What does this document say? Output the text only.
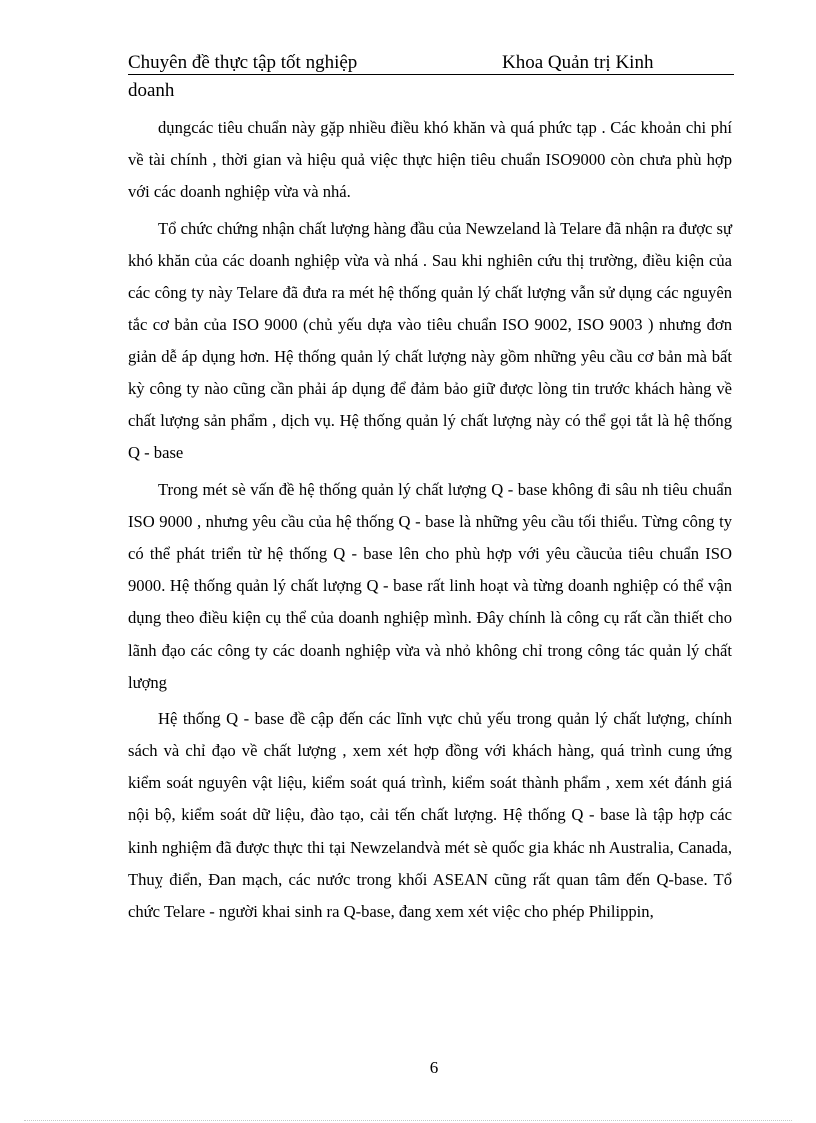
Chuyên đề thực tập tốt nghiệp	Khoa Quản trị Kinh
doanh

dụngcác tiêu chuẩn này gặp nhiều điều khó khăn và quá phức tạp . Các khoản chi phí về tài chính , thời gian và hiệu quả việc thực hiện tiêu chuẩn ISO9000 còn chưa phù hợp với các doanh nghiệp vừa và nhá.

Tổ chức chứng nhận chất lượng hàng đầu của Newzeland là Telare đã nhận ra được sự khó khăn của các doanh nghiệp vừa và nhá . Sau khi nghiên cứu thị trường, điều kiện của các công ty này Telare đã đưa ra mét hệ thống quản lý chất lượng vẫn sử dụng các nguyên tắc cơ bản của ISO 9000 (chủ yếu dựa vào tiêu chuẩn ISO 9002, ISO 9003 ) nhưng đơn giản dễ áp dụng hơn. Hệ thống quản lý chất lượng này gồm những yêu cầu cơ bản mà bất kỳ công ty nào cũng cần phải áp dụng để đảm bảo giữ được lòng tin trước khách hàng về chất lượng sản phẩm , dịch vụ. Hệ thống quản lý chất lượng này có thể gọi tắt là hệ thống Q - base

Trong mét sè vấn đề hệ thống quản lý chất lượng Q - base không đi sâu nh tiêu chuẩn ISO 9000 , nhưng yêu cầu của hệ thống Q - base là những yêu cầu tối thiểu. Từng công ty có thể phát triển từ hệ thống Q - base lên cho phù hợp với yêu cầucủa tiêu chuẩn ISO 9000. Hệ thống quản lý chất lượng Q - base rất linh hoạt và từng doanh nghiệp có thể vận dụng theo điều kiện cụ thể của doanh nghiệp mình. Đây chính là công cụ rất cần thiết cho lãnh đạo các công ty các doanh nghiệp vừa và nhỏ không chỉ trong công tác quản lý chất lượng

Hệ thống Q - base đề cập đến các lĩnh vực chủ yếu trong quản lý chất lượng, chính sách và chỉ đạo về chất lượng , xem xét hợp đồng với khách hàng, quá trình cung ứng kiểm soát nguyên vật liệu, kiểm soát quá trình, kiểm soát thành phẩm , xem xét đánh giá nội bộ, kiểm soát dữ liệu, đào tạo, cải tến chất lượng. Hệ thống Q - base là tập hợp các kinh nghiệm đã được thực thi tại Newzelandvà mét sè quốc gia khác nh Australia, Canada, Thuỵ điển, Đan mạch, các nước trong khối ASEAN cũng rất quan tâm đến Q-base. Tổ chức Telare - người khai sinh ra Q-base, đang xem xét việc cho phép Philippin,

6
